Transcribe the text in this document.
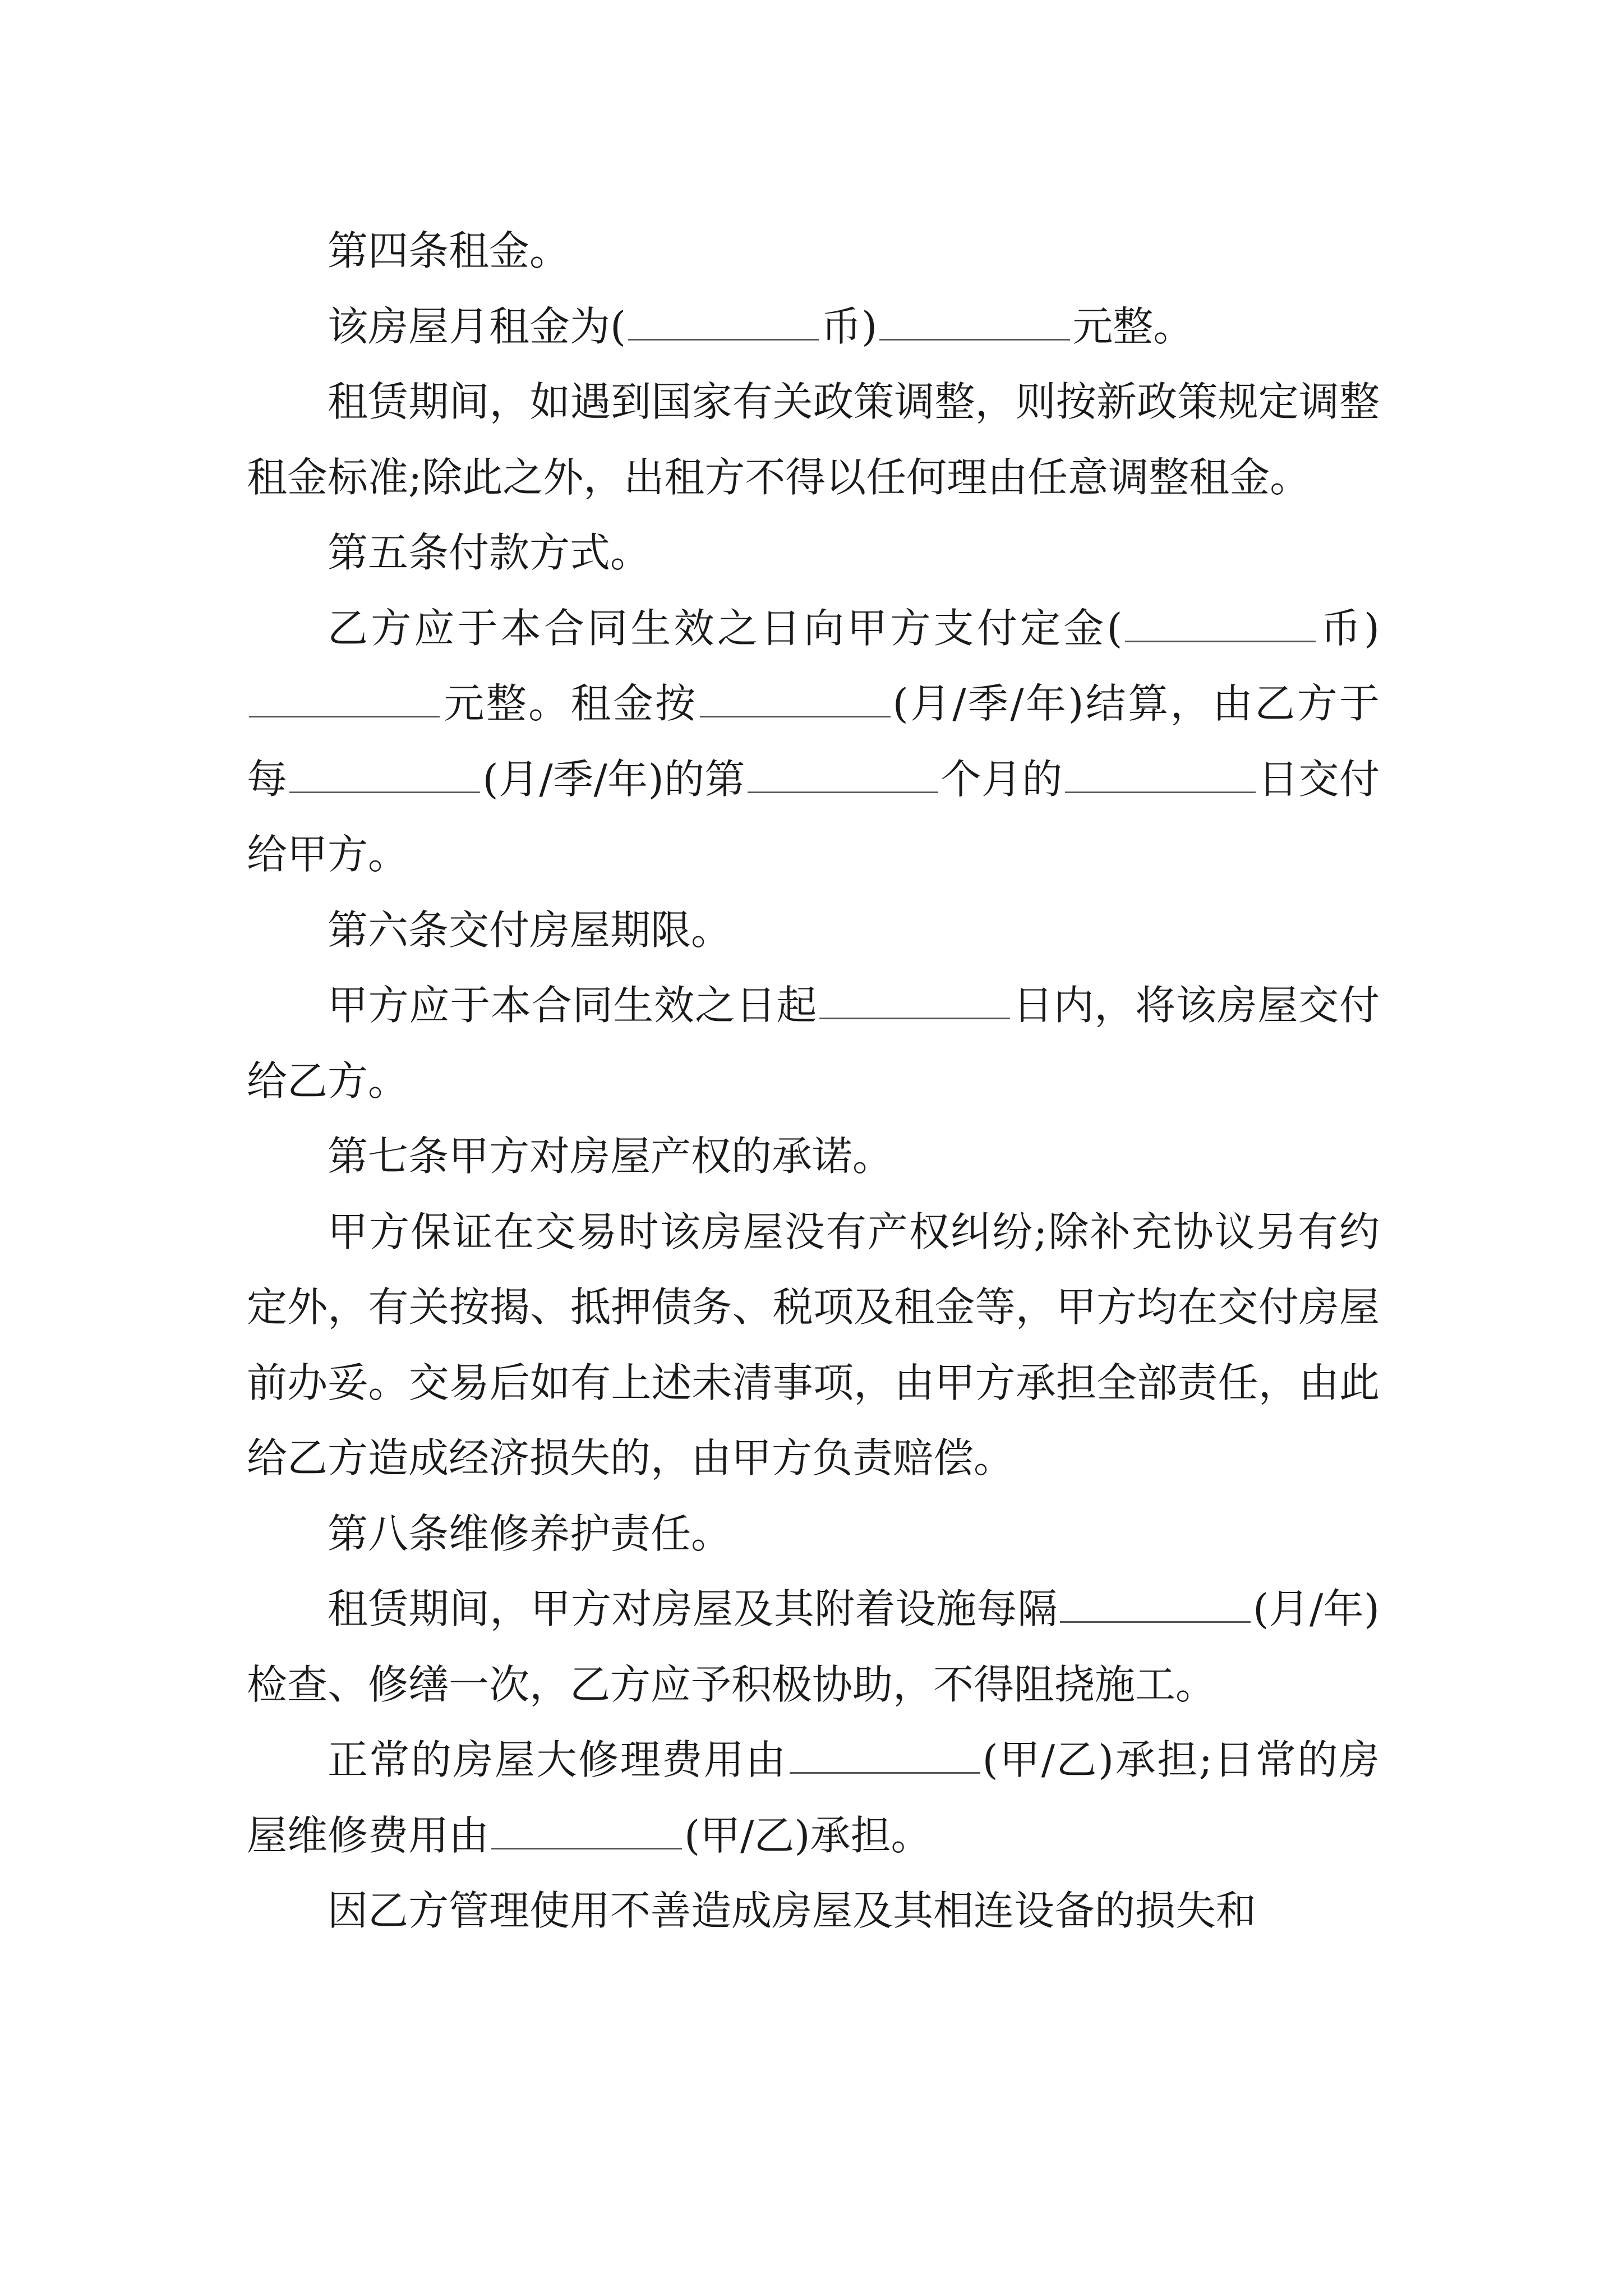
第四条租金。

该房屋月租金为(	币)	元整。

租赁期间，如遇到国家有关政策调整，则按新政策规定调整租金标准;除此之外，出租方不得以任何理由任意调整租金。

第五条付款方式。

乙方应于本合同生效之日向甲方支付定金(	币)元整。租金按	(月/季/年)结算，由乙方于每	(月/季/年)的第	个月的	日交付给甲方。

第六条交付房屋期限。

甲方应于本合同生效之日起	日内，将该房屋交付给乙方。

第七条甲方对房屋产权的承诺。

甲方保证在交易时该房屋没有产权纠纷;除补充协议另有约定外，有关按揭、抵押债务、税项及租金等，甲方均在交付房屋前办妥。交易后如有上述未清事项，由甲方承担全部责任，由此给乙方造成经济损失的，由甲方负责赔偿。

第八条维修养护责任。

租赁期间，甲方对房屋及其附着设施每隔	(月/年)检查、修缮一次，乙方应予积极协助，不得阻挠施工。

正常的房屋大修理费用由	(甲/乙)承担;日常的房屋维修费用由	(甲/乙)承担。

因乙方管理使用不善造成房屋及其相连设备的损失和
